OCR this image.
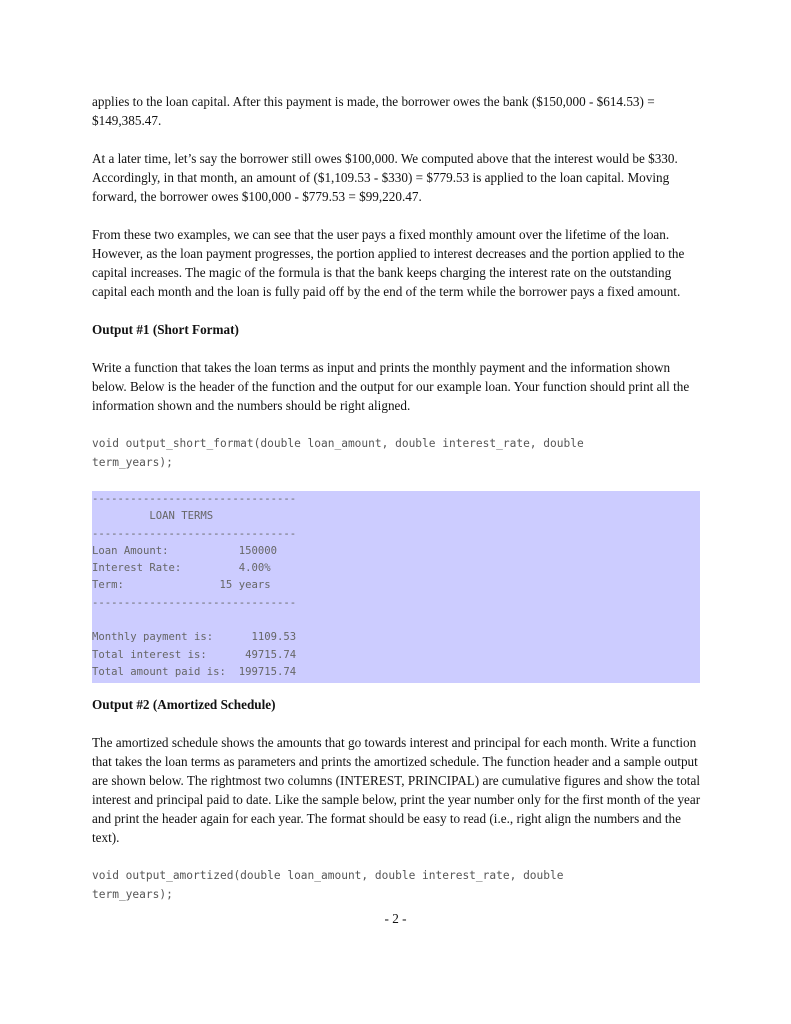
applies to the loan capital. After this payment is made, the borrower owes the bank ($150,000 - $614.53) = $149,385.47.

At a later time, let’s say the borrower still owes $100,000. We computed above that the interest would be $330. Accordingly, in that month, an amount of ($1,109.53 - $330) = $779.53 is applied to the loan capital. Moving forward, the borrower owes $100,000 - $779.53 = $99,220.47.

From these two examples, we can see that the user pays a fixed monthly amount over the lifetime of the loan. However, as the loan payment progresses, the portion applied to interest decreases and the portion applied to the capital increases. The magic of the formula is that the bank keeps charging the interest rate on the outstanding capital each month and the loan is fully paid off by the end of the term while the borrower pays a fixed amount.

Output #1 (Short Format)

Write a function that takes the loan terms as input and prints the monthly payment and the information shown below. Below is the header of the function and the output for our example loan. Your function should print all the information shown and the numbers should be right aligned.

void output_short_format(double loan_amount, double interest_rate, double
term_years);
--------------------------------
LOAN TERMS
--------------------------------
Loan Amount:           150000
Interest Rate:         4.00%
Term:               15 years
--------------------------------
Monthly payment is:      1109.53
Total interest is:      49715.74
Total amount paid is:  199715.74

Output #2 (Amortized Schedule)

The amortized schedule shows the amounts that go towards interest and principal for each month. Write a function that takes the loan terms as parameters and prints the amortized schedule. The function header and a sample output are shown below. The rightmost two columns (INTEREST, PRINCIPAL) are cumulative figures and show the total interest and principal paid to date. Like the sample below, print the year number only for the first month of the year and print the header again for each year. The format should be easy to read (i.e., right align the numbers and the text).

void output_amortized(double loan_amount, double interest_rate, double
term_years);
- 2 -
